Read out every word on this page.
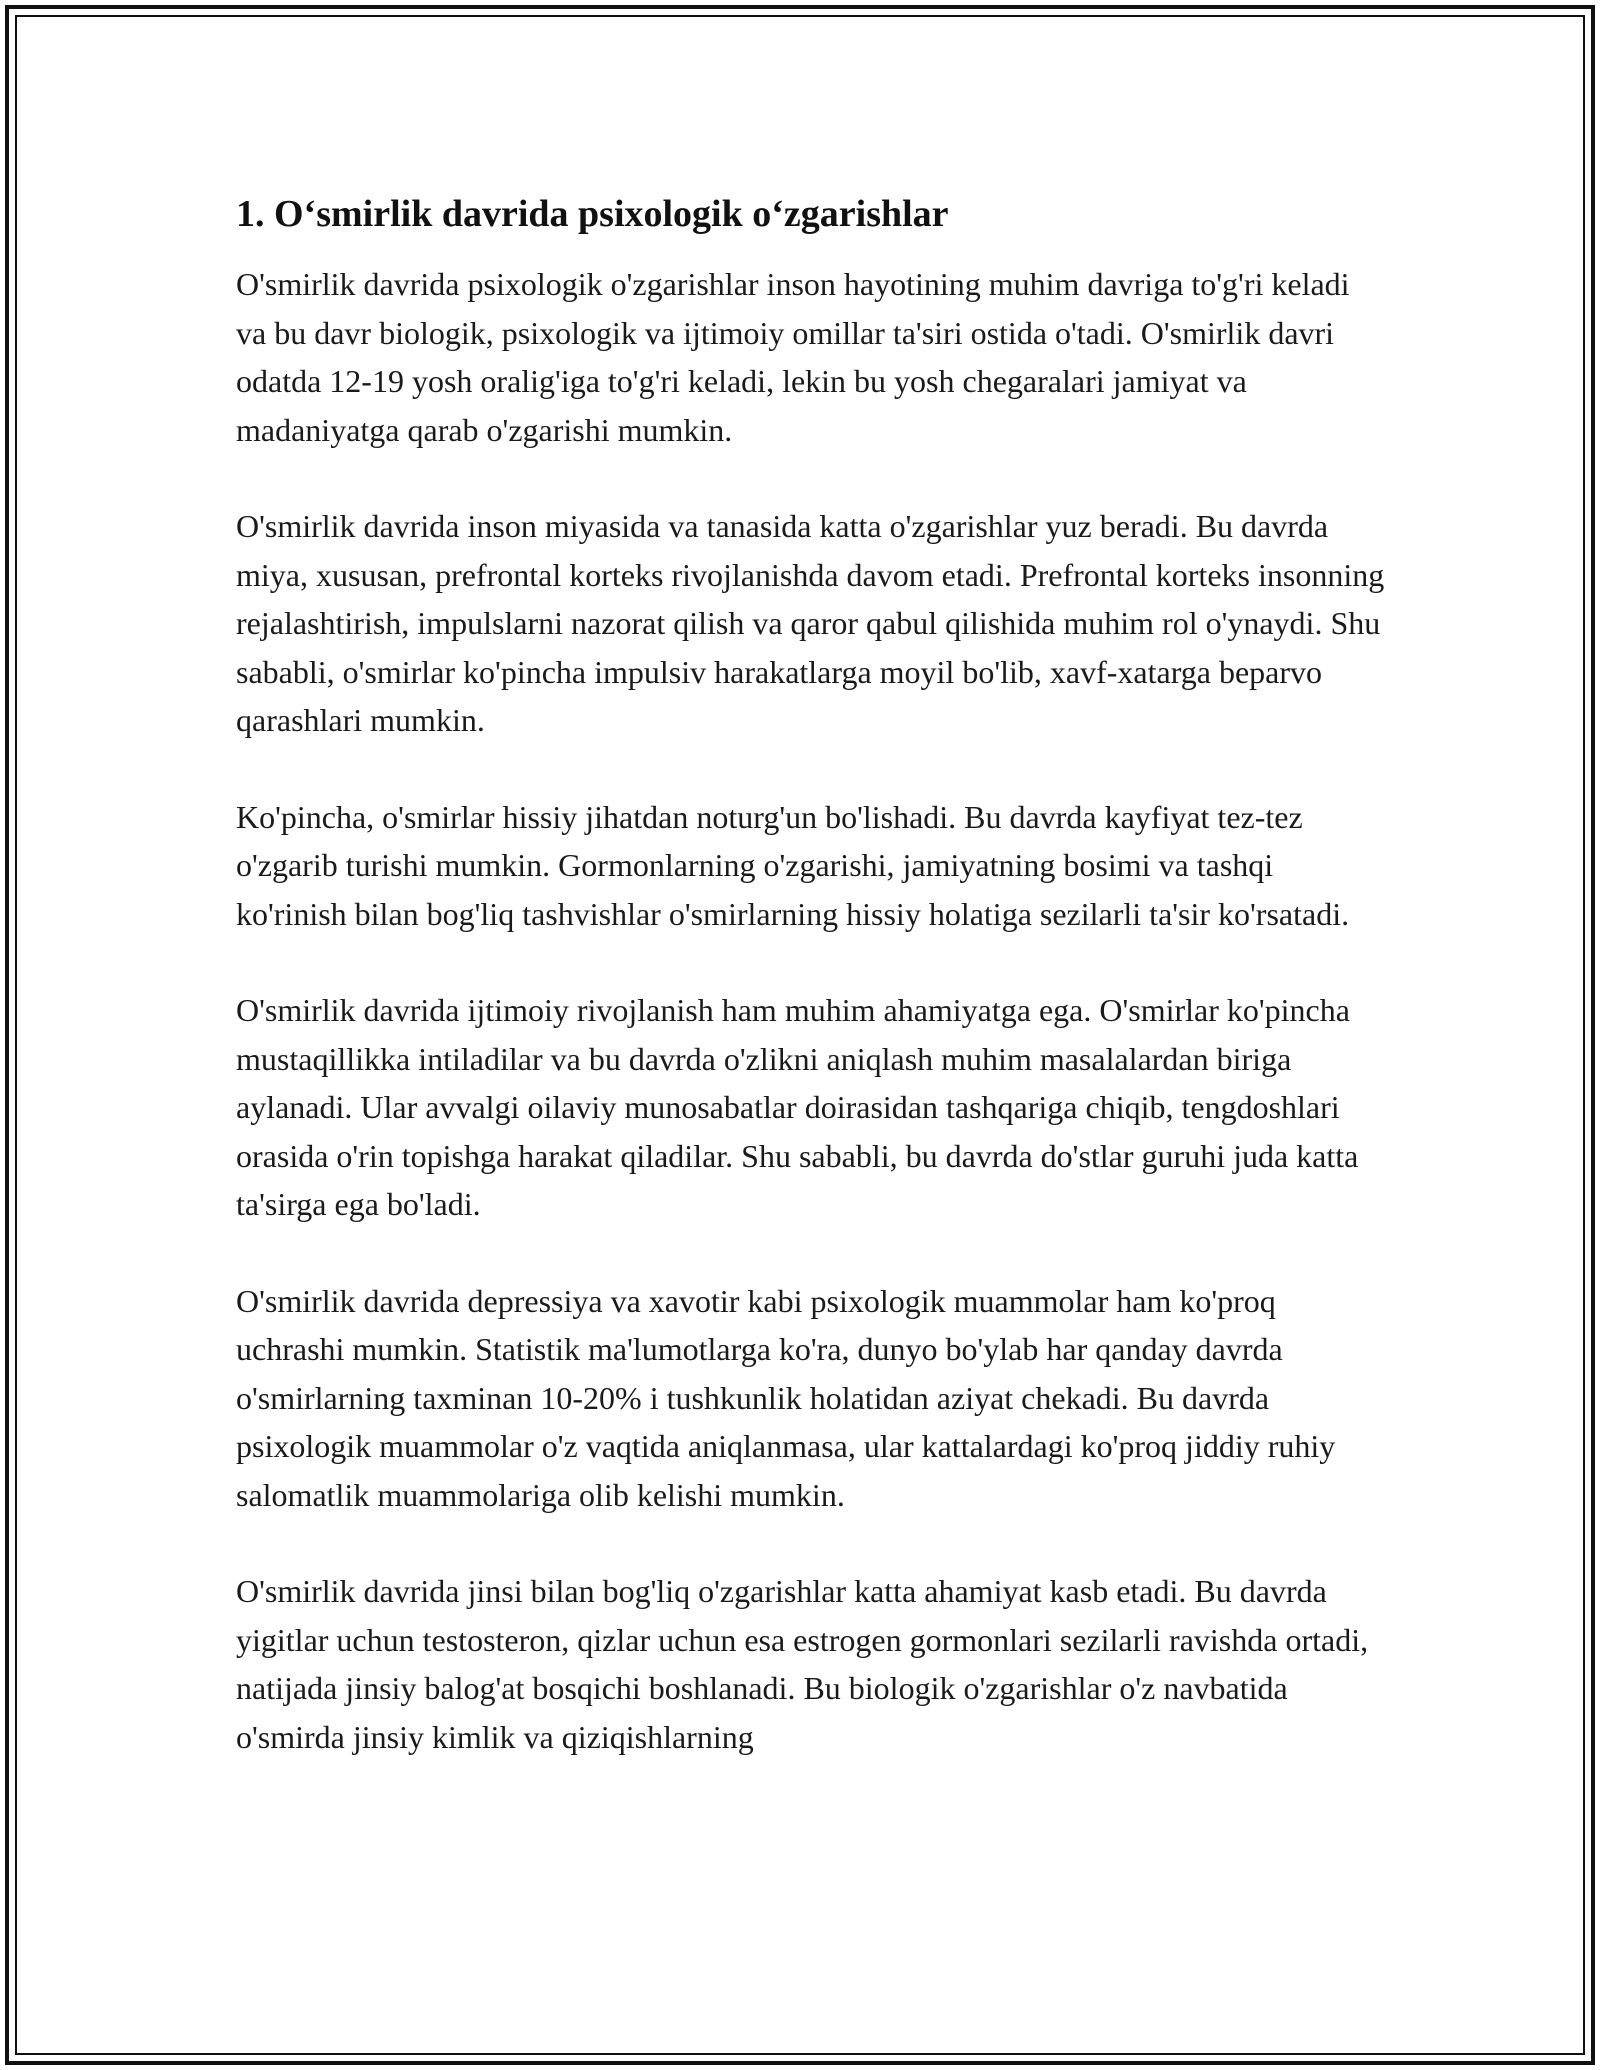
1. O‘smirlik davrida psixologik o‘zgarishlar

O'smirlik davrida psixologik o'zgarishlar inson hayotining muhim davriga to'g'ri keladi va bu davr biologik, psixologik va ijtimoiy omillar ta'siri ostida o'tadi. O'smirlik davri odatda 12-19 yosh oralig'iga to'g'ri keladi, lekin bu yosh chegaralari jamiyat va madaniyatga qarab o'zgarishi mumkin.

O'smirlik davrida inson miyasida va tanasida katta o'zgarishlar yuz beradi. Bu davrda miya, xususan, prefrontal korteks rivojlanishda davom etadi. Prefrontal korteks insonning rejalashtirish, impulslarni nazorat qilish va qaror qabul qilishida muhim rol o'ynaydi. Shu sababli, o'smirlar ko'pincha impulsiv harakatlarga moyil bo'lib, xavf-xatarga beparvo qarashlari mumkin.

Ko'pincha, o'smirlar hissiy jihatdan noturg'un bo'lishadi. Bu davrda kayfiyat tez-tez o'zgarib turishi mumkin. Gormonlarning o'zgarishi, jamiyatning bosimi va tashqi ko'rinish bilan bog'liq tashvishlar o'smirlarning hissiy holatiga sezilarli ta'sir ko'rsatadi.

O'smirlik davrida ijtimoiy rivojlanish ham muhim ahamiyatga ega. O'smirlar ko'pincha mustaqillikka intiladilar va bu davrda o'zlikni aniqlash muhim masalalardan biriga aylanadi. Ular avvalgi oilaviy munosabatlar doirasidan tashqariga chiqib, tengdoshlari orasida o'rin topishga harakat qiladilar. Shu sababli, bu davrda do'stlar guruhi juda katta ta'sirga ega bo'ladi.

O'smirlik davrida depressiya va xavotir kabi psixologik muammolar ham ko'proq uchrashi mumkin. Statistik ma'lumotlarga ko'ra, dunyo bo'ylab har qanday davrda o'smirlarning taxminan 10-20% i tushkunlik holatidan aziyat chekadi. Bu davrda psixologik muammolar o'z vaqtida aniqlanmasa, ular kattalardagi ko'proq jiddiy ruhiy salomatlik muammolariga olib kelishi mumkin.

O'smirlik davrida jinsi bilan bog'liq o'zgarishlar katta ahamiyat kasb etadi. Bu davrda yigitlar uchun testosteron, qizlar uchun esa estrogen gormonlari sezilarli ravishda ortadi, natijada jinsiy balog'at bosqichi boshlanadi. Bu biologik o'zgarishlar o'z navbatida o'smirda jinsiy kimlik va qiziqishlarning
